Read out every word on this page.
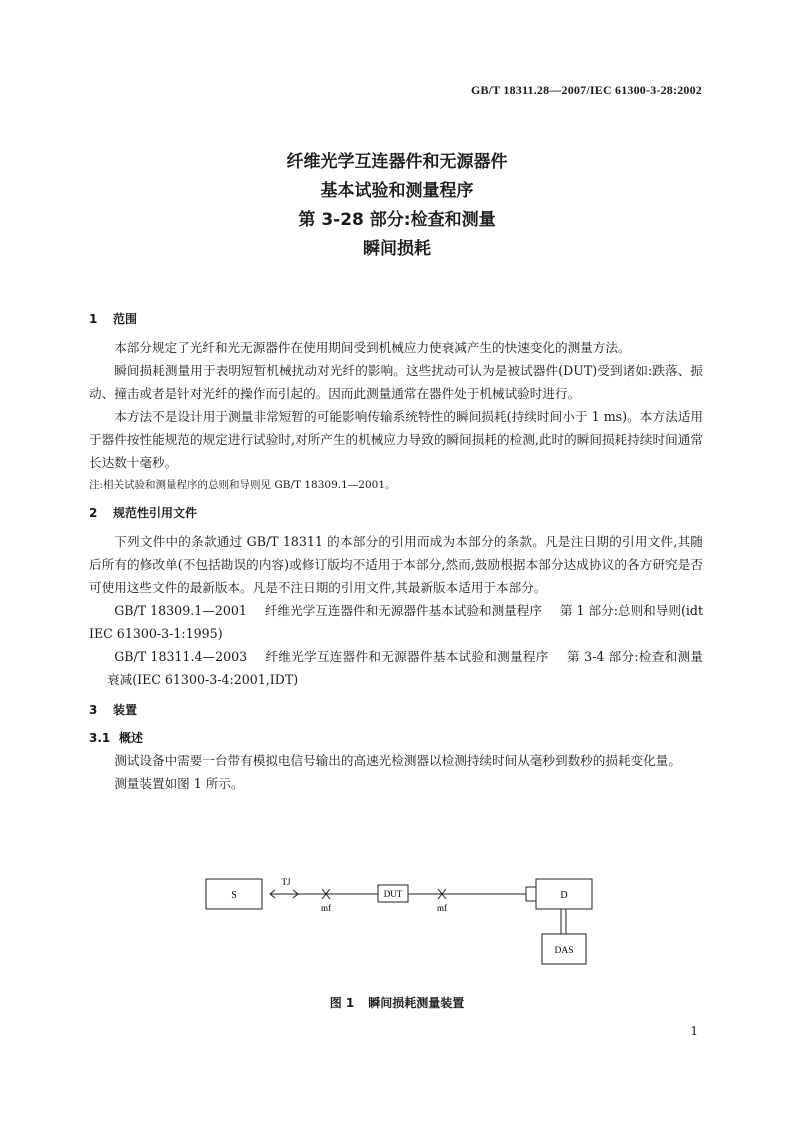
GB/T 18311.28—2007/IEC 61300-3-28:2002
纤维光学互连器件和无源器件
基本试验和测量程序
第 3-28 部分:检查和测量
瞬间损耗
1 范围

本部分规定了光纤和光无源器件在使用期间受到机械应力使衰减产生的快速变化的测量方法。

瞬间损耗测量用于表明短暂机械扰动对光纤的影响。这些扰动可认为是被试器件(DUT)受到诸如:跌落、振动、撞击或者是针对光纤的操作而引起的。因而此测量通常在器件处于机械试验时进行。

本方法不是设计用于测量非常短暂的可能影响传输系统特性的瞬间损耗(持续时间小于 1 ms)。本方法适用于器件按性能规范的规定进行试验时,对所产生的机械应力导致的瞬间损耗的检测,此时的瞬间损耗持续时间通常长达数十毫秒。

注:相关试验和测量程序的总则和导则见 GB/T 18309.1—2001。

2 规范性引用文件

下列文件中的条款通过 GB/T 18311 的本部分的引用而成为本部分的条款。凡是注日期的引用文件,其随后所有的修改单(不包括勘误的内容)或修订版均不适用于本部分,然而,鼓励根据本部分达成协议的各方研究是否可使用这些文件的最新版本。凡是不注日期的引用文件,其最新版本适用于本部分。

GB/T 18309.1—2001 纤维光学互连器件和无源器件基本试验和测量程序 第 1 部分:总则和导则(idt IEC 61300-3-1:1995)

GB/T 18311.4—2003 纤维光学互连器件和无源器件基本试验和测量程序 第 3-4 部分:检查和测量衰减(IEC 61300-3-4:2001,IDT)

3 装置
3.1 概述

测试设备中需要一台带有模拟电信号输出的高速光检测器以检测持续时间从毫秒到数秒的损耗变化量。

测量装置如图 1 所示。

S
TJ
mf
DUT
mf
D
DAS
图 1 瞬间损耗测量装置
1
